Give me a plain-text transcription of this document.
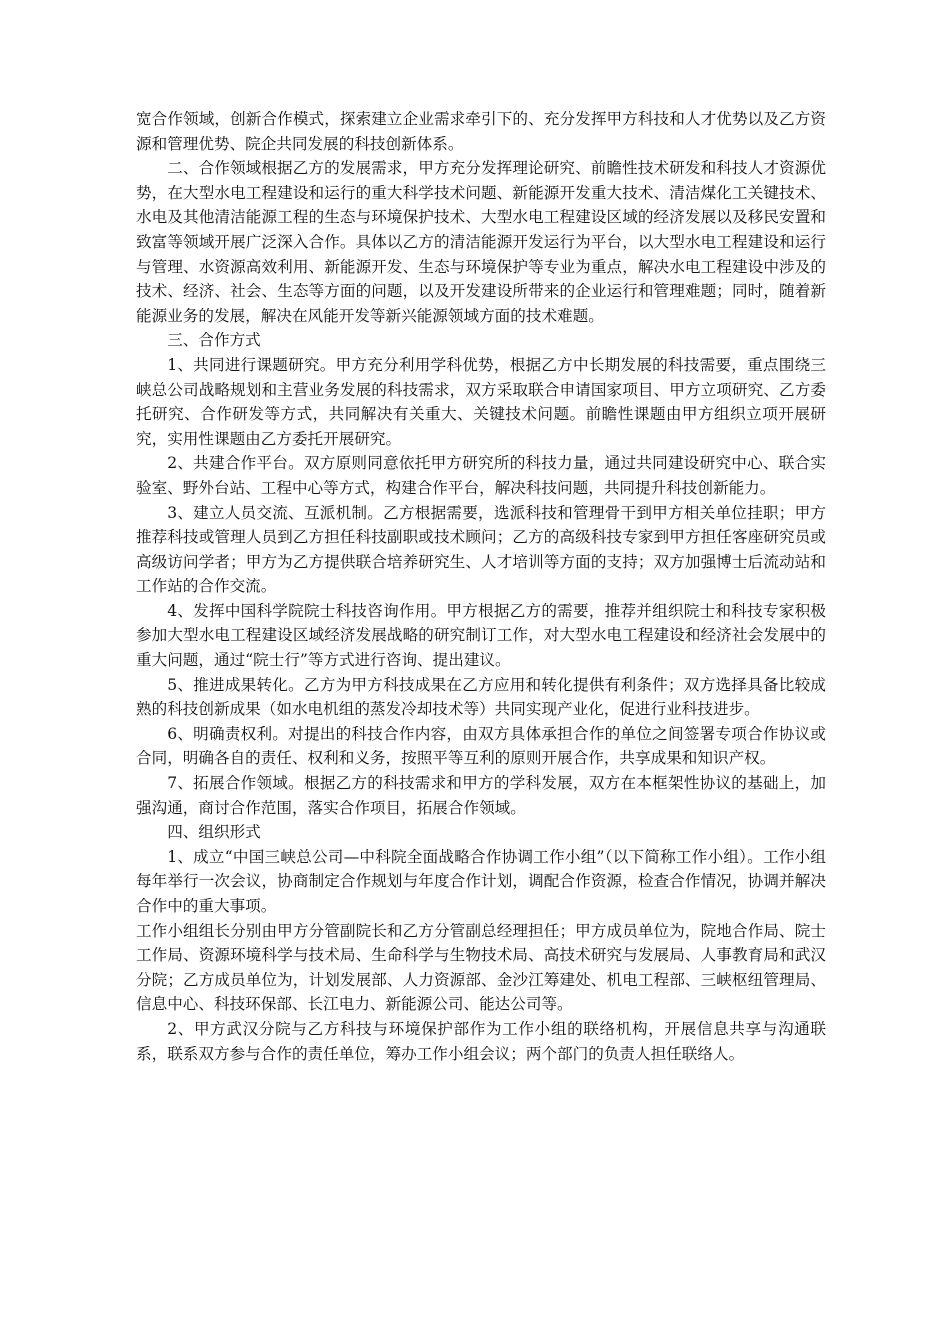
宽合作领域，创新合作模式，探索建立企业需求牵引下的、充分发挥甲方科技和人才优势以及乙方资源和管理优势、院企共同发展的科技创新体系。

二、合作领域根据乙方的发展需求，甲方充分发挥理论研究、前瞻性技术研发和科技人才资源优势，在大型水电工程建设和运行的重大科学技术问题、新能源开发重大技术、清洁煤化工关键技术、水电及其他清洁能源工程的生态与环境保护技术、大型水电工程建设区域的经济发展以及移民安置和致富等领域开展广泛深入合作。具体以乙方的清洁能源开发运行为平台，以大型水电工程建设和运行与管理、水资源高效利用、新能源开发、生态与环境保护等专业为重点，解决水电工程建设中涉及的技术、经济、社会、生态等方面的问题，以及开发建设所带来的企业运行和管理难题；同时，随着新能源业务的发展，解决在风能开发等新兴能源领域方面的技术难题。

三、合作方式

1、共同进行课题研究。甲方充分利用学科优势，根据乙方中长期发展的科技需要，重点围绕三峡总公司战略规划和主营业务发展的科技需求，双方采取联合申请国家项目、甲方立项研究、乙方委托研究、合作研发等方式，共同解决有关重大、关键技术问题。前瞻性课题由甲方组织立项开展研究，实用性课题由乙方委托开展研究。

2、共建合作平台。双方原则同意依托甲方研究所的科技力量，通过共同建设研究中心、联合实验室、野外台站、工程中心等方式，构建合作平台，解决科技问题，共同提升科技创新能力。

3、建立人员交流、互派机制。乙方根据需要，选派科技和管理骨干到甲方相关单位挂职；甲方推荐科技或管理人员到乙方担任科技副职或技术顾问；乙方的高级科技专家到甲方担任客座研究员或高级访问学者；甲方为乙方提供联合培养研究生、人才培训等方面的支持；双方加强博士后流动站和工作站的合作交流。

4、发挥中国科学院院士科技咨询作用。甲方根据乙方的需要，推荐并组织院士和科技专家积极参加大型水电工程建设区域经济发展战略的研究制订工作，对大型水电工程建设和经济社会发展中的重大问题，通过“院士行”等方式进行咨询、提出建议。

5、推进成果转化。乙方为甲方科技成果在乙方应用和转化提供有利条件；双方选择具备比较成熟的科技创新成果（如水电机组的蒸发冷却技术等）共同实现产业化，促进行业科技进步。

6、明确责权利。对提出的科技合作内容，由双方具体承担合作的单位之间签署专项合作协议或合同，明确各自的责任、权利和义务，按照平等互利的原则开展合作，共享成果和知识产权。

7、拓展合作领域。根据乙方的科技需求和甲方的学科发展，双方在本框架性协议的基础上，加强沟通，商讨合作范围，落实合作项目，拓展合作领域。

四、组织形式

1、成立“中国三峡总公司—中科院全面战略合作协调工作小组”（以下简称工作小组）。工作小组每年举行一次会议，协商制定合作规划与年度合作计划，调配合作资源，检查合作情况，协调并解决合作中的重大事项。

工作小组组长分别由甲方分管副院长和乙方分管副总经理担任；甲方成员单位为，院地合作局、院士工作局、资源环境科学与技术局、生命科学与生物技术局、高技术研究与发展局、人事教育局和武汉分院；乙方成员单位为，计划发展部、人力资源部、金沙江筹建处、机电工程部、三峡枢纽管理局、信息中心、科技环保部、长江电力、新能源公司、能达公司等。

2、甲方武汉分院与乙方科技与环境保护部作为工作小组的联络机构，开展信息共享与沟通联系，联系双方参与合作的责任单位，筹办工作小组会议；两个部门的负责人担任联络人。
